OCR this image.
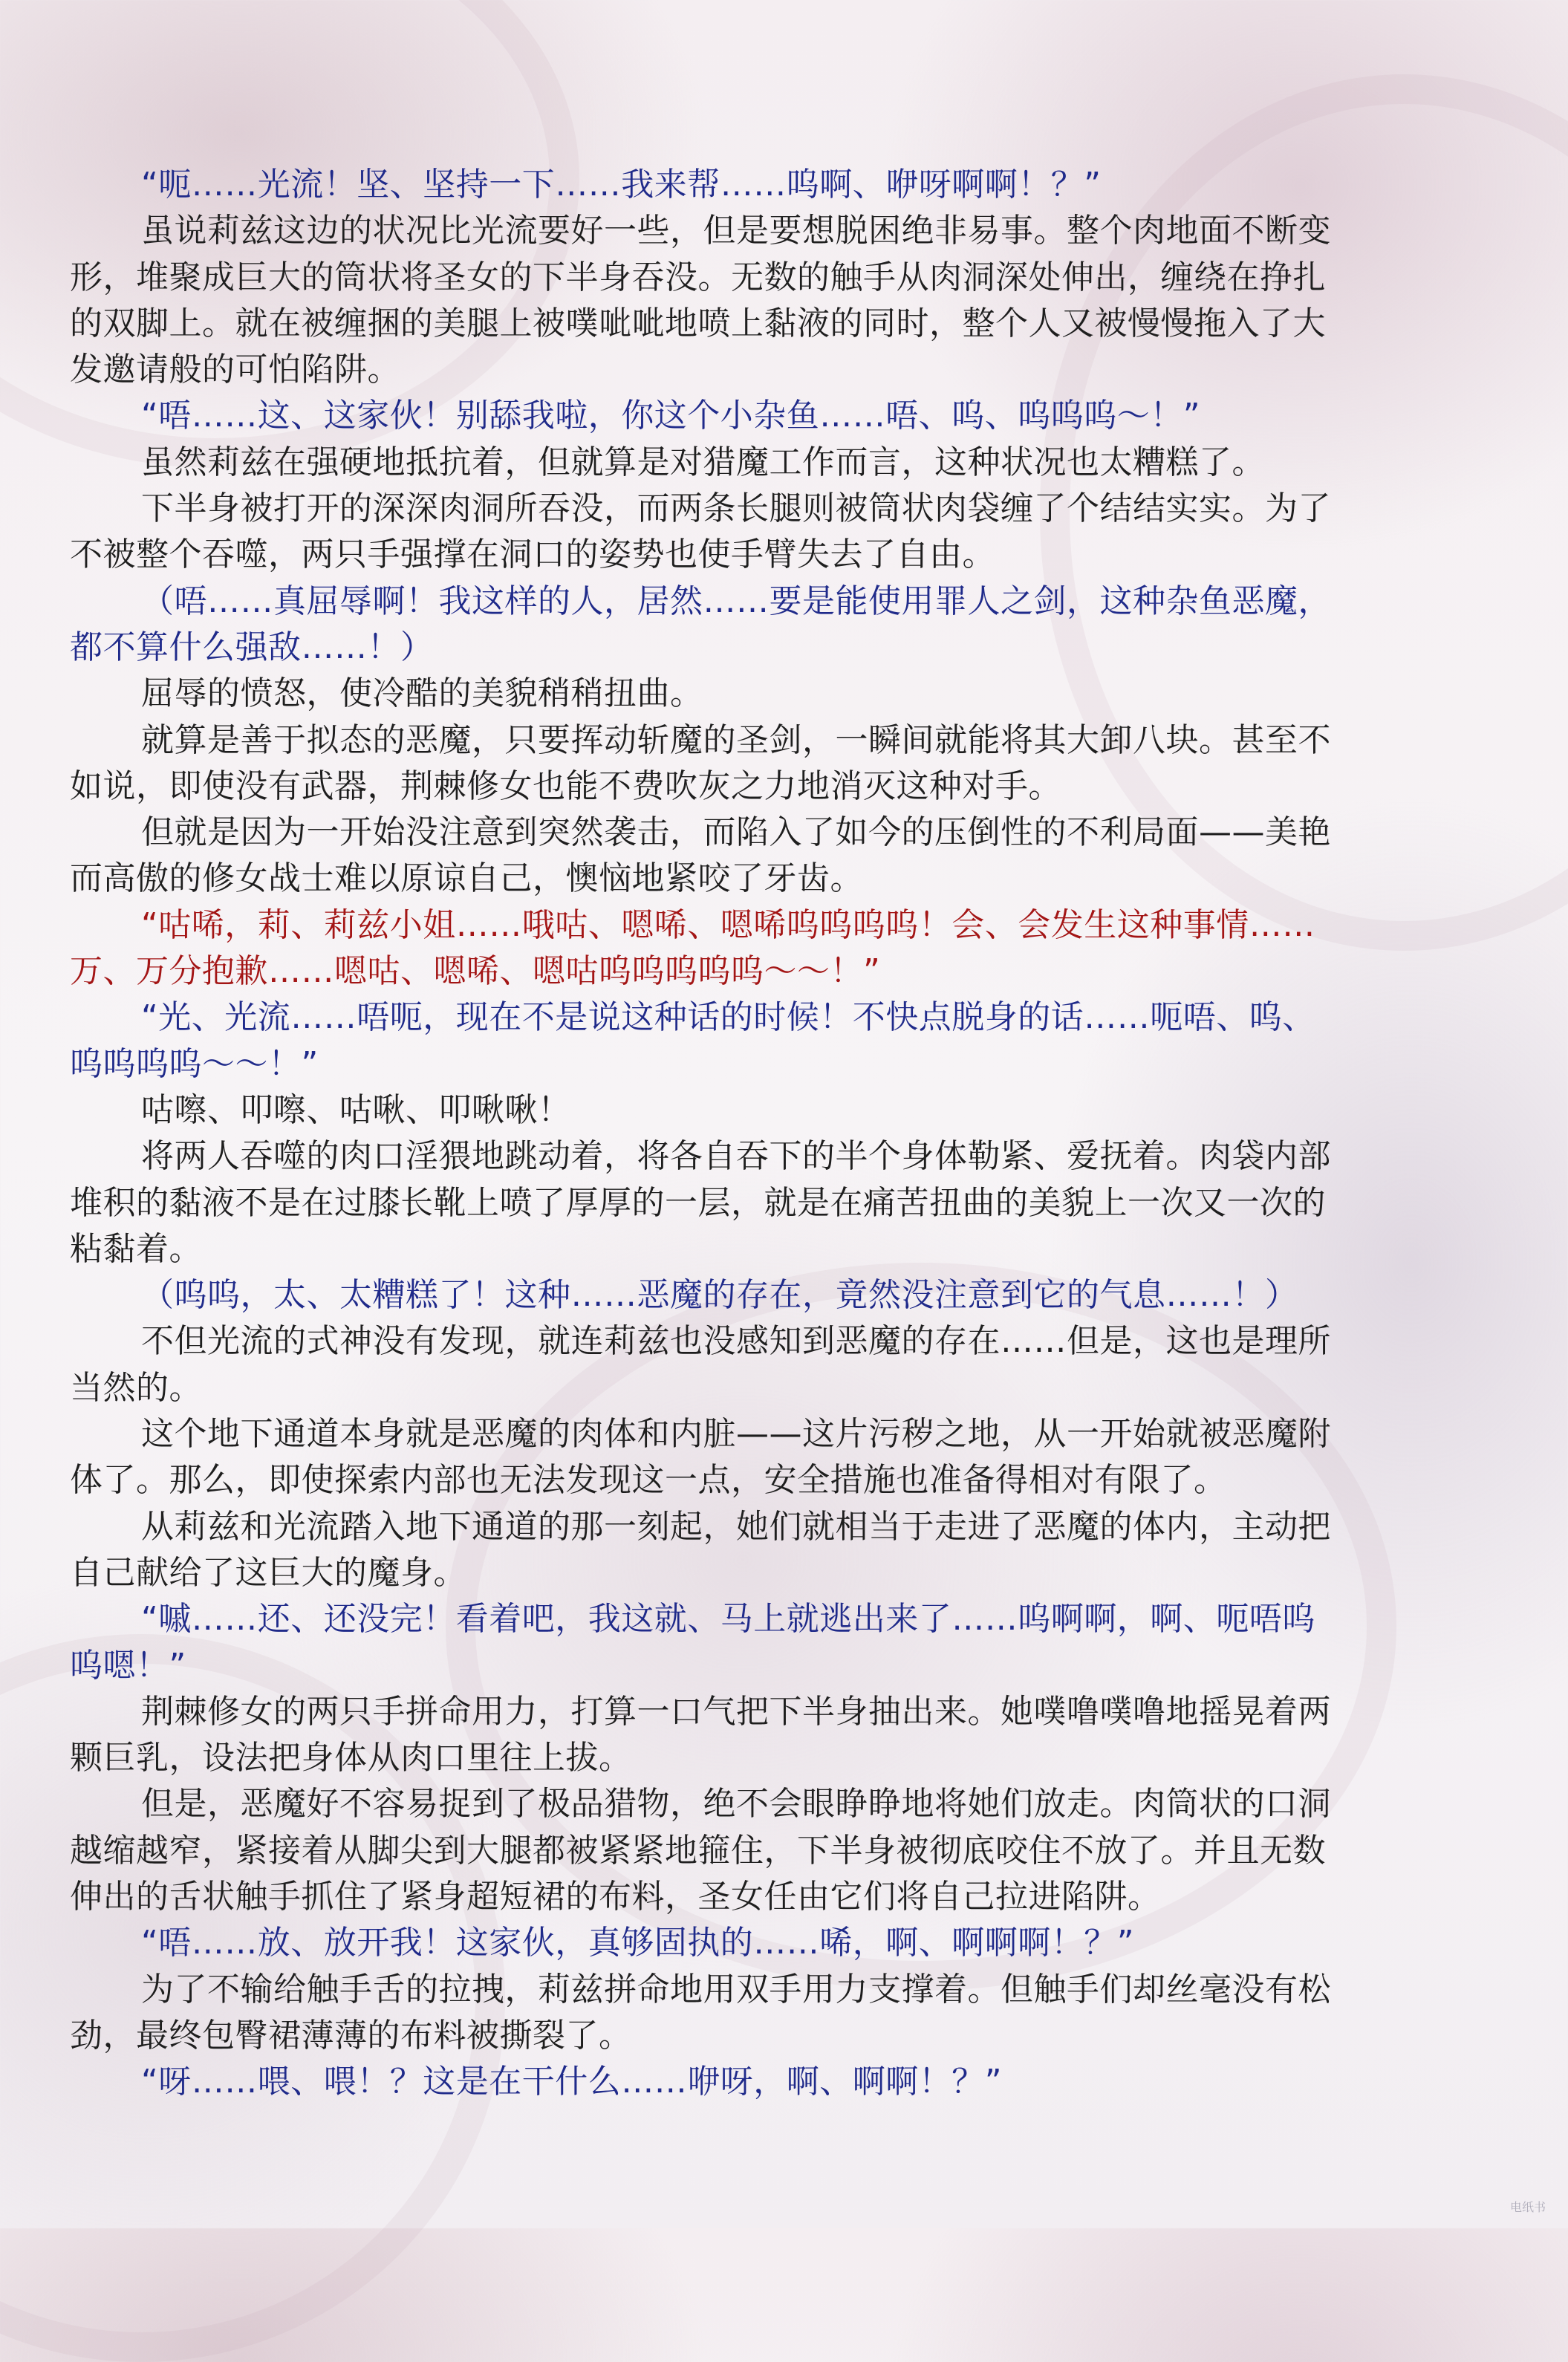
“呃……光流！坚、坚持一下……我来帮……呜啊、咿呀啊啊！？”
虽说莉兹这边的状况比光流要好一些，但是要想脱困绝非易事。整个肉地面不断变
形，堆聚成巨大的筒状将圣女的下半身吞没。无数的触手从肉洞深处伸出，缠绕在挣扎
的双脚上。就在被缠捆的美腿上被噗呲呲地喷上黏液的同时，整个人又被慢慢拖入了大
发邀请般的可怕陷阱。
“唔……这、这家伙！别舔我啦，你这个小杂鱼……唔、呜、呜呜呜～！”
虽然莉兹在强硬地抵抗着，但就算是对猎魔工作而言，这种状况也太糟糕了。
下半身被打开的深深肉洞所吞没，而两条长腿则被筒状肉袋缠了个结结实实。为了
不被整个吞噬，两只手强撑在洞口的姿势也使手臂失去了自由。
（唔……真屈辱啊！我这样的人，居然……要是能使用罪人之剑，这种杂鱼恶魔，
都不算什么强敌……！）
屈辱的愤怒，使冷酷的美貌稍稍扭曲。
就算是善于拟态的恶魔，只要挥动斩魔的圣剑，一瞬间就能将其大卸八块。甚至不
如说，即使没有武器，荆棘修女也能不费吹灰之力地消灭这种对手。
但就是因为一开始没注意到突然袭击，而陷入了如今的压倒性的不利局面——美艳
而高傲的修女战士难以原谅自己，懊恼地紧咬了牙齿。
“咕唏，莉、莉兹小姐……哦咕、嗯唏、嗯唏呜呜呜呜！会、会发生这种事情……
万、万分抱歉……嗯咕、嗯唏、嗯咕呜呜呜呜呜～～！”
“光、光流……唔呃，现在不是说这种话的时候！不快点脱身的话……呃唔、呜、
呜呜呜呜～～！”
咕嚓、叩嚓、咕啾、叩啾啾！
将两人吞噬的肉口淫猥地跳动着，将各自吞下的半个身体勒紧、爱抚着。肉袋内部
堆积的黏液不是在过膝长靴上喷了厚厚的一层，就是在痛苦扭曲的美貌上一次又一次的
粘黏着。
（呜呜，太、太糟糕了！这种……恶魔的存在，竟然没注意到它的气息……！）
不但光流的式神没有发现，就连莉兹也没感知到恶魔的存在……但是，这也是理所
当然的。
这个地下通道本身就是恶魔的肉体和内脏——这片污秽之地，从一开始就被恶魔附
体了。那么，即使探索内部也无法发现这一点，安全措施也准备得相对有限了。
从莉兹和光流踏入地下通道的那一刻起，她们就相当于走进了恶魔的体内，主动把
自己献给了这巨大的魔身。
“嘁……还、还没完！看着吧，我这就、马上就逃出来了……呜啊啊，啊、呃唔呜
呜嗯！”
荆棘修女的两只手拼命用力，打算一口气把下半身抽出来。她噗噜噗噜地摇晃着两
颗巨乳，设法把身体从肉口里往上拔。
但是，恶魔好不容易捉到了极品猎物，绝不会眼睁睁地将她们放走。肉筒状的口洞
越缩越窄，紧接着从脚尖到大腿都被紧紧地箍住，下半身被彻底咬住不放了。并且无数
伸出的舌状触手抓住了紧身超短裙的布料，圣女任由它们将自己拉进陷阱。
“唔……放、放开我！这家伙，真够固执的……唏，啊、啊啊啊！？”
为了不输给触手舌的拉拽，莉兹拼命地用双手用力支撑着。但触手们却丝毫没有松
劲，最终包臀裙薄薄的布料被撕裂了。
“呀……喂、喂！？这是在干什么……咿呀，啊、啊啊！？”
电纸书
